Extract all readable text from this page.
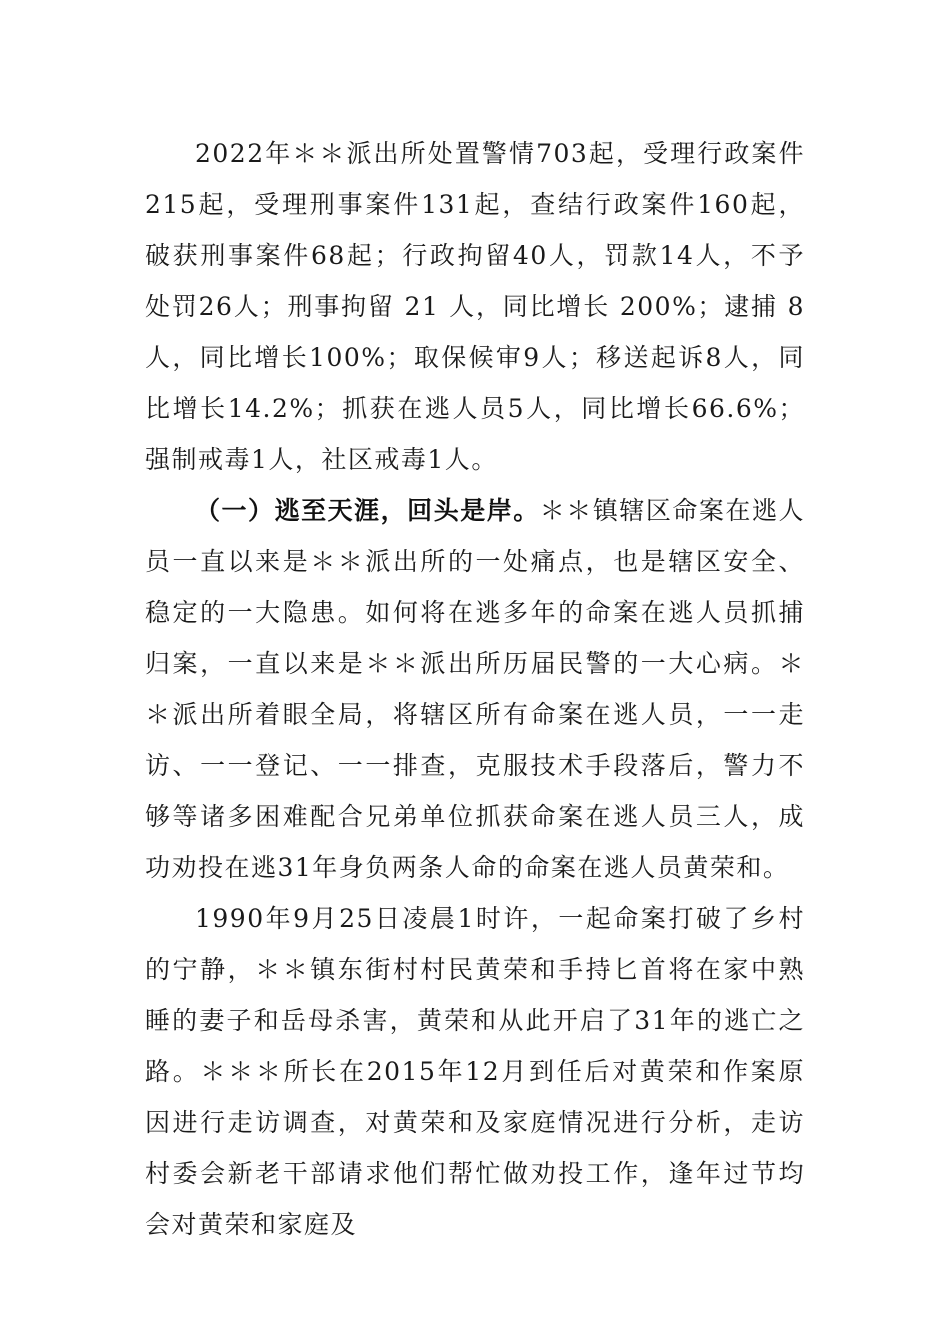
2022年＊＊派出所处置警情703起，受理行政案件 215起，受理刑事案件131起，查结行政案件160起，破获刑事案件68起；行政拘留40人，罚款14人，不予处罚26人；刑事拘留 21 人，同比增长 200%；逮捕 8 人，同比增长100%；取保候审9人；移送起诉8人，同比增长14.2%；抓获在逃人员5人，同比增长66.6%；强制戒毒1人，社区戒毒1人。

（一）逃至天涯，回头是岸。＊＊镇辖区命案在逃人员一直以来是＊＊派出所的一处痛点，也是辖区安全、稳定的一大隐患。如何将在逃多年的命案在逃人员抓捕归案，一直以来是＊＊派出所历届民警的一大心病。＊＊派出所着眼全局，将辖区所有命案在逃人员，一一走访、一一登记、一一排查，克服技术手段落后，警力不够等诸多困难配合兄弟单位抓获命案在逃人员三人，成功劝投在逃31年身负两条人命的命案在逃人员黄荣和。

1990年9月25日凌晨1时许，一起命案打破了乡村的宁静，＊＊镇东街村村民黄荣和手持匕首将在家中熟睡的妻子和岳母杀害，黄荣和从此开启了31年的逃亡之路。＊＊＊所长在2015年12月到任后对黄荣和作案原因进行走访调查，对黄荣和及家庭情况进行分析，走访村委会新老干部请求他们帮忙做劝投工作，逢年过节均会对黄荣和家庭及
